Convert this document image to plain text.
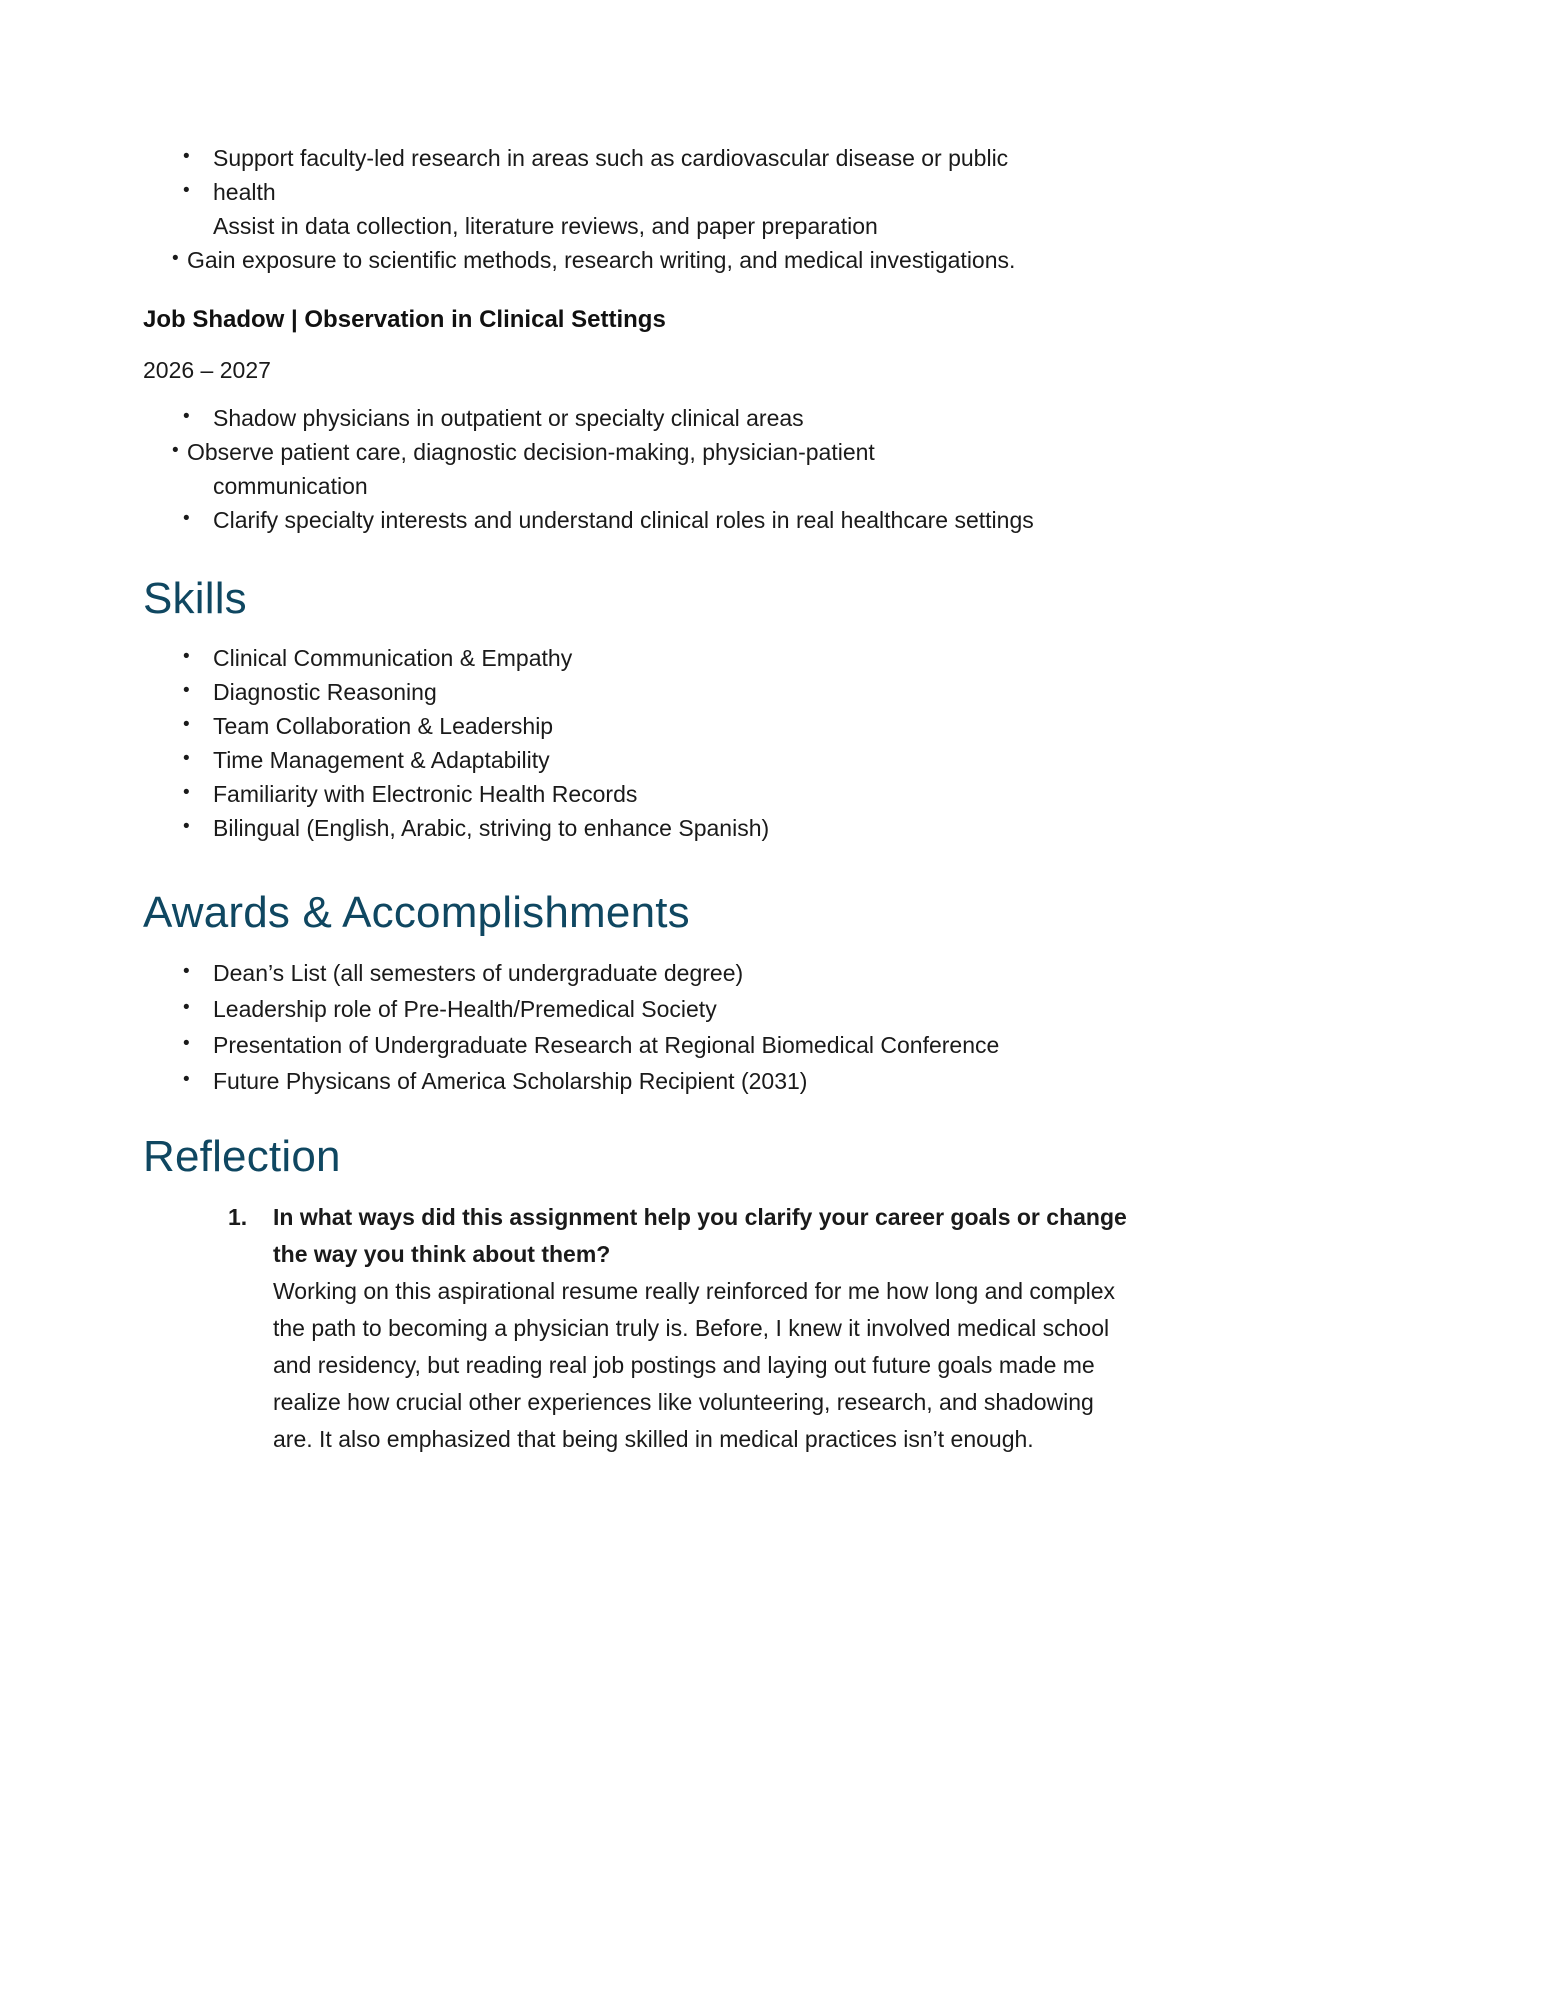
• Support faculty-led research in areas such as cardiovascular disease or public
• health
Assist in data collection, literature reviews, and paper preparation
• Gain exposure to scientific methods, research writing, and medical investigations.
Job Shadow | Observation in Clinical Settings
2026 – 2027
• Shadow physicians in outpatient or specialty clinical areas
• Observe patient care, diagnostic decision-making, physician-patient
communication
• Clarify specialty interests and understand clinical roles in real healthcare settings
Skills
• Clinical Communication & Empathy
• Diagnostic Reasoning
• Team Collaboration & Leadership
• Time Management & Adaptability
• Familiarity with Electronic Health Records
• Bilingual (English, Arabic, striving to enhance Spanish)
Awards & Accomplishments
• Dean’s List (all semesters of undergraduate degree)
• Leadership role of Pre-Health/Premedical Society
• Presentation of Undergraduate Research at Regional Biomedical Conference
• Future Physicans of America Scholarship Recipient (2031)
Reflection
1. In what ways did this assignment help you clarify your career goals or change
the way you think about them?
Working on this aspirational resume really reinforced for me how long and complex
the path to becoming a physician truly is. Before, I knew it involved medical school
and residency, but reading real job postings and laying out future goals made me
realize how crucial other experiences like volunteering, research, and shadowing
are. It also emphasized that being skilled in medical practices isn’t enough.
